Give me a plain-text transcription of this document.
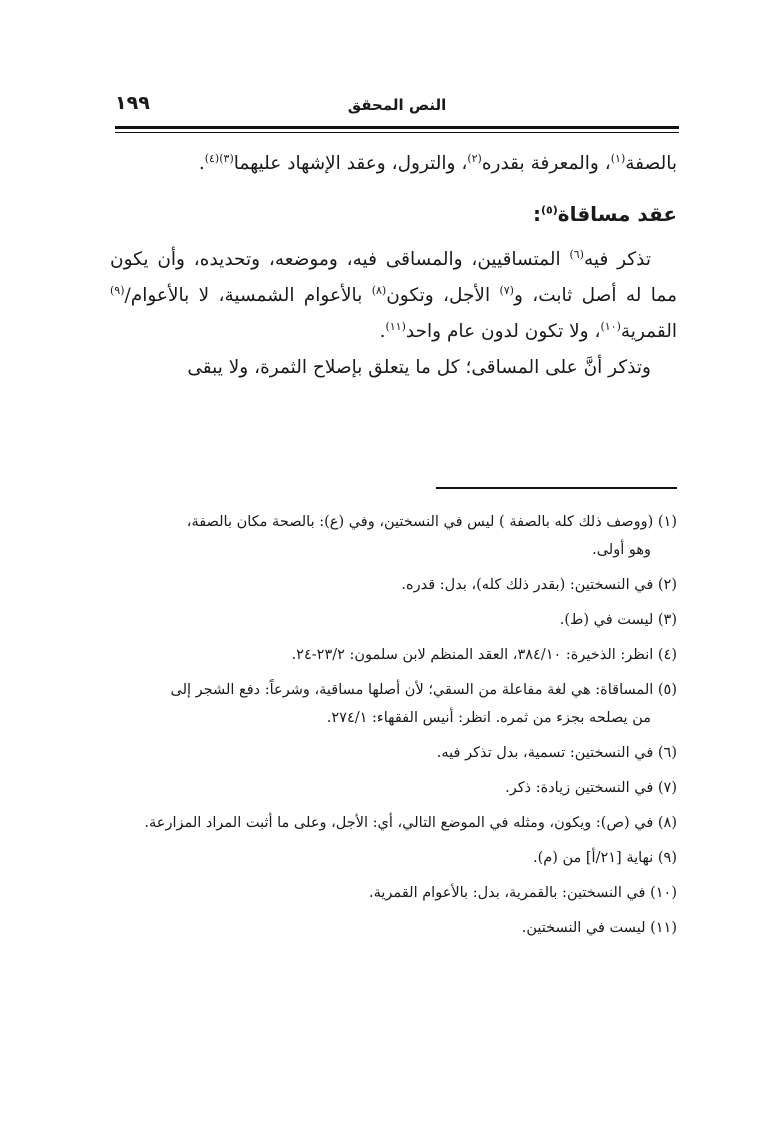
النص المحقق
١٩٩

بالصفة$^{(١)}$، والمعرفة بقدره$^{(٢)}$، والترول، وعقد الإشهاد عليهما$^{(٣)(٤)}$.

عقد مساقاة$^{(٥)}$:

تذكر فيه$^{(٦)}$ المتساقيين، والمساقى فيه، وموضعه، وتحديده، وأن يكون مما له أصل ثابت، و$^{(٧)}$ الأجل، وتكون$^{(٨)}$ بالأعوام الشمسية، لا بالأعوام/$^{(٩)}$ القمرية$^{(١٠)}$، ولا تكون لدون عام واحد$^{(١١)}$.

وتذكر أنَّ على المساقى؛ كل ما يتعلق بإصلاح الثمرة، ولا يبقى

(١) (ووصف ذلك كله بالصفة ) ليس في النسختين، وفي (ع): بالصحة مكان بالصفة،
وهو أولى.
(٢) في النسختين: (بقدر ذلك كله)، بدل: قدره.
(٣) ليست في (ط).
(٤) انظر: الذخيرة: ٣٨٤/١٠، العقد المنظم لابن سلمون: ٢٣/٢-٢٤.
(٥) المساقاة: هي لغة مفاعلة من السقي؛ لأن أصلها مساقية، وشرعاً: دفع الشجر إلى
من يصلحه بجزء من ثمره. انظر: أنيس الفقهاء: ٢٧٤/١.
(٦) في النسختين: تسمية، بدل تذكر فيه.
(٧) في النسختين زيادة: ذكر.
(٨) في (ص): ويكون، ومثله في الموضع التالي، أي: الأجل، وعلى ما أثبت المراد المزارعة.
(٩) نهاية [٢١/أ] من (م).
(١٠) في النسختين: بالقمرية، بدل: بالأعوام القمرية.
(١١) ليست في النسختين.
